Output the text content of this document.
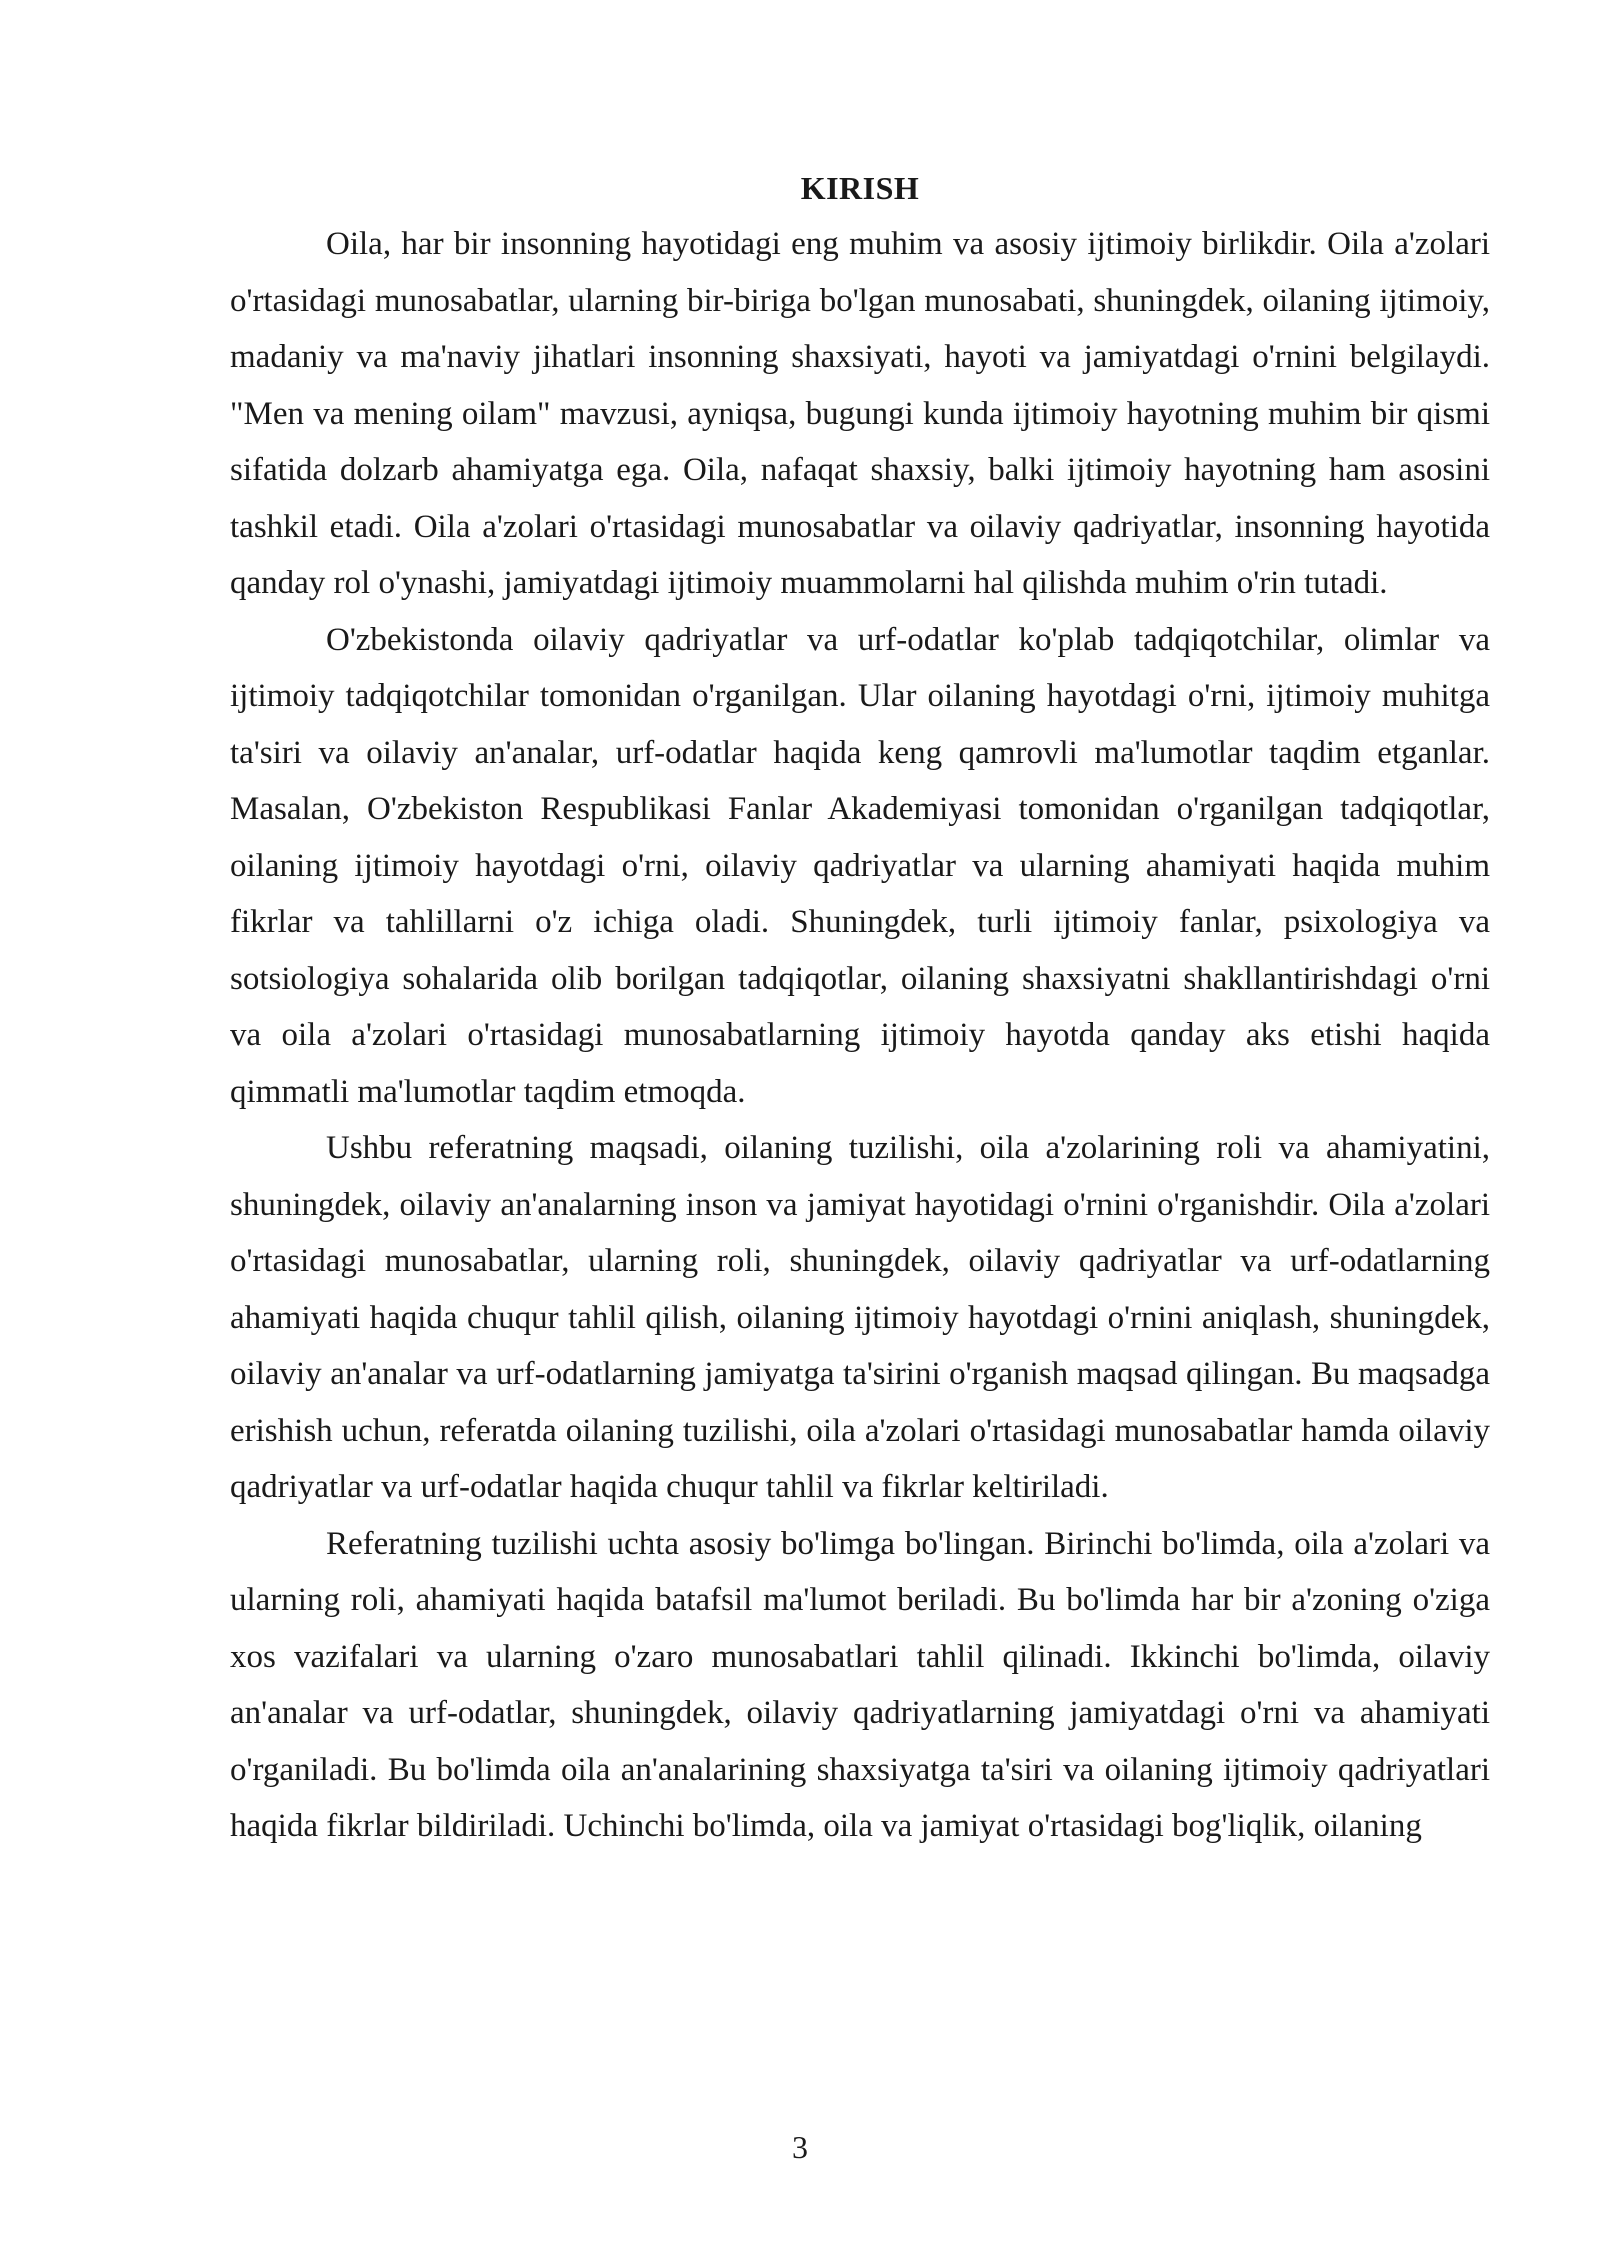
KIRISH

Oila, har bir insonning hayotidagi eng muhim va asosiy ijtimoiy birlikdir. Oila a'zolari o'rtasidagi munosabatlar, ularning bir-biriga bo'lgan munosabati, shuningdek, oilaning ijtimoiy, madaniy va ma'naviy jihatlari insonning shaxsiyati, hayoti va jamiyatdagi o'rnini belgilaydi. "Men va mening oilam" mavzusi, ayniqsa, bugungi kunda ijtimoiy hayotning muhim bir qismi sifatida dolzarb ahamiyatga ega. Oila, nafaqat shaxsiy, balki ijtimoiy hayotning ham asosini tashkil etadi. Oila a'zolari o'rtasidagi munosabatlar va oilaviy qadriyatlar, insonning hayotida qanday rol o'ynashi, jamiyatdagi ijtimoiy muammolarni hal qilishda muhim o'rin tutadi.

O'zbekistonda oilaviy qadriyatlar va urf-odatlar ko'plab tadqiqotchilar, olimlar va ijtimoiy tadqiqotchilar tomonidan o'rganilgan. Ular oilaning hayotdagi o'rni, ijtimoiy muhitga ta'siri va oilaviy an'analar, urf-odatlar haqida keng qamrovli ma'lumotlar taqdim etganlar. Masalan, O'zbekiston Respublikasi Fanlar Akademiyasi tomonidan o'rganilgan tadqiqotlar, oilaning ijtimoiy hayotdagi o'rni, oilaviy qadriyatlar va ularning ahamiyati haqida muhim fikrlar va tahlillarni o'z ichiga oladi. Shuningdek, turli ijtimoiy fanlar, psixologiya va sotsiologiya sohalarida olib borilgan tadqiqotlar, oilaning shaxsiyatni shakllantirishdagi o'rni va oila a'zolari o'rtasidagi munosabatlarning ijtimoiy hayotda qanday aks etishi haqida qimmatli ma'lumotlar taqdim etmoqda.

Ushbu referatning maqsadi, oilaning tuzilishi, oila a'zolarining roli va ahamiyatini, shuningdek, oilaviy an'analarning inson va jamiyat hayotidagi o'rnini o'rganishdir. Oila a'zolari o'rtasidagi munosabatlar, ularning roli, shuningdek, oilaviy qadriyatlar va urf-odatlarning ahamiyati haqida chuqur tahlil qilish, oilaning ijtimoiy hayotdagi o'rnini aniqlash, shuningdek, oilaviy an'analar va urf-odatlarning jamiyatga ta'sirini o'rganish maqsad qilingan. Bu maqsadga erishish uchun, referatda oilaning tuzilishi, oila a'zolari o'rtasidagi munosabatlar hamda oilaviy qadriyatlar va urf-odatlar haqida chuqur tahlil va fikrlar keltiriladi.

Referatning tuzilishi uchta asosiy bo'limga bo'lingan. Birinchi bo'limda, oila a'zolari va ularning roli, ahamiyati haqida batafsil ma'lumot beriladi. Bu bo'limda har bir a'zoning o'ziga xos vazifalari va ularning o'zaro munosabatlari tahlil qilinadi. Ikkinchi bo'limda, oilaviy an'analar va urf-odatlar, shuningdek, oilaviy qadriyatlarning jamiyatdagi o'rni va ahamiyati o'rganiladi. Bu bo'limda oila an'analarining shaxsiyatga ta'siri va oilaning ijtimoiy qadriyatlari haqida fikrlar bildiriladi. Uchinchi bo'limda, oila va jamiyat o'rtasidagi bog'liqlik, oilaning

3
